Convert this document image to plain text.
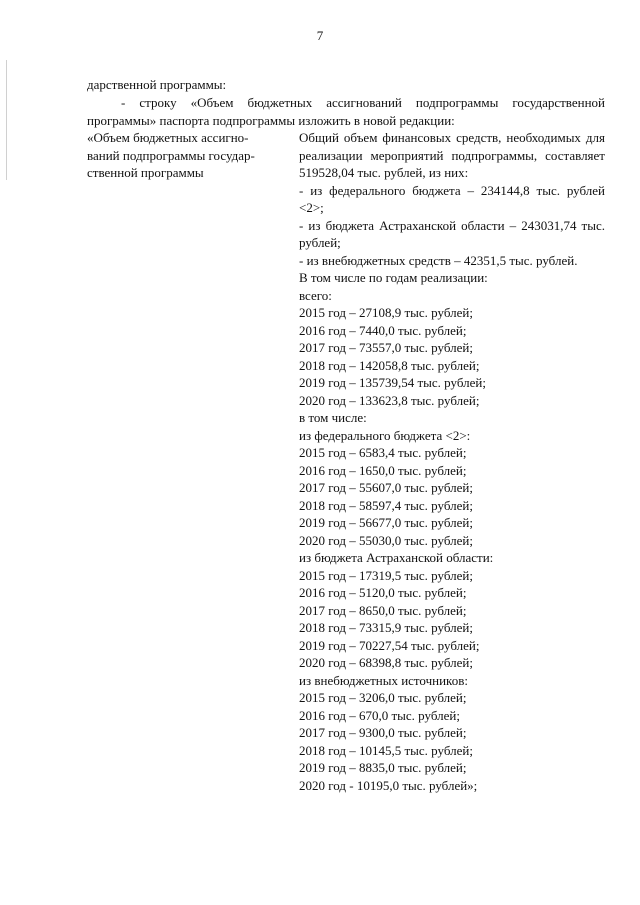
7
дарственной программы:
- строку «Объем бюджетных ассигнований подпрограммы государственной программы» паспорта подпрограммы изложить в новой редакции:
«Объем бюджетных ассигно-
ваний подпрограммы государ-
ственной программы
Общий объем финансовых средств, необходимых для реализации мероприятий подпрограммы, составляет 519528,04 тыс. рублей, из них:
- из федерального бюджета – 234144,8 тыс. рублей <2>;
- из бюджета Астраханской области – 243031,74 тыс. рублей;
- из внебюджетных средств – 42351,5 тыс. рублей.
В том числе по годам реализации:
всего:
2015 год – 27108,9 тыс. рублей;
2016 год – 7440,0 тыс. рублей;
2017 год – 73557,0 тыс. рублей;
2018 год – 142058,8 тыс. рублей;
2019 год – 135739,54 тыс. рублей;
2020 год – 133623,8 тыс. рублей;
в том числе:
из федерального бюджета <2>:
2015 год – 6583,4 тыс. рублей;
2016 год – 1650,0 тыс. рублей;
2017 год – 55607,0 тыс. рублей;
2018 год – 58597,4 тыс. рублей;
2019 год – 56677,0 тыс. рублей;
2020 год – 55030,0 тыс. рублей;
из бюджета Астраханской области:
2015 год – 17319,5 тыс. рублей;
2016 год – 5120,0 тыс. рублей;
2017 год – 8650,0 тыс. рублей;
2018 год – 73315,9 тыс. рублей;
2019 год – 70227,54 тыс. рублей;
2020 год – 68398,8 тыс. рублей;
из внебюджетных источников:
2015 год – 3206,0 тыс. рублей;
2016 год – 670,0 тыс. рублей;
2017 год – 9300,0 тыс. рублей;
2018 год – 10145,5 тыс. рублей;
2019 год – 8835,0 тыс. рублей;
2020 год - 10195,0 тыс. рублей»;
